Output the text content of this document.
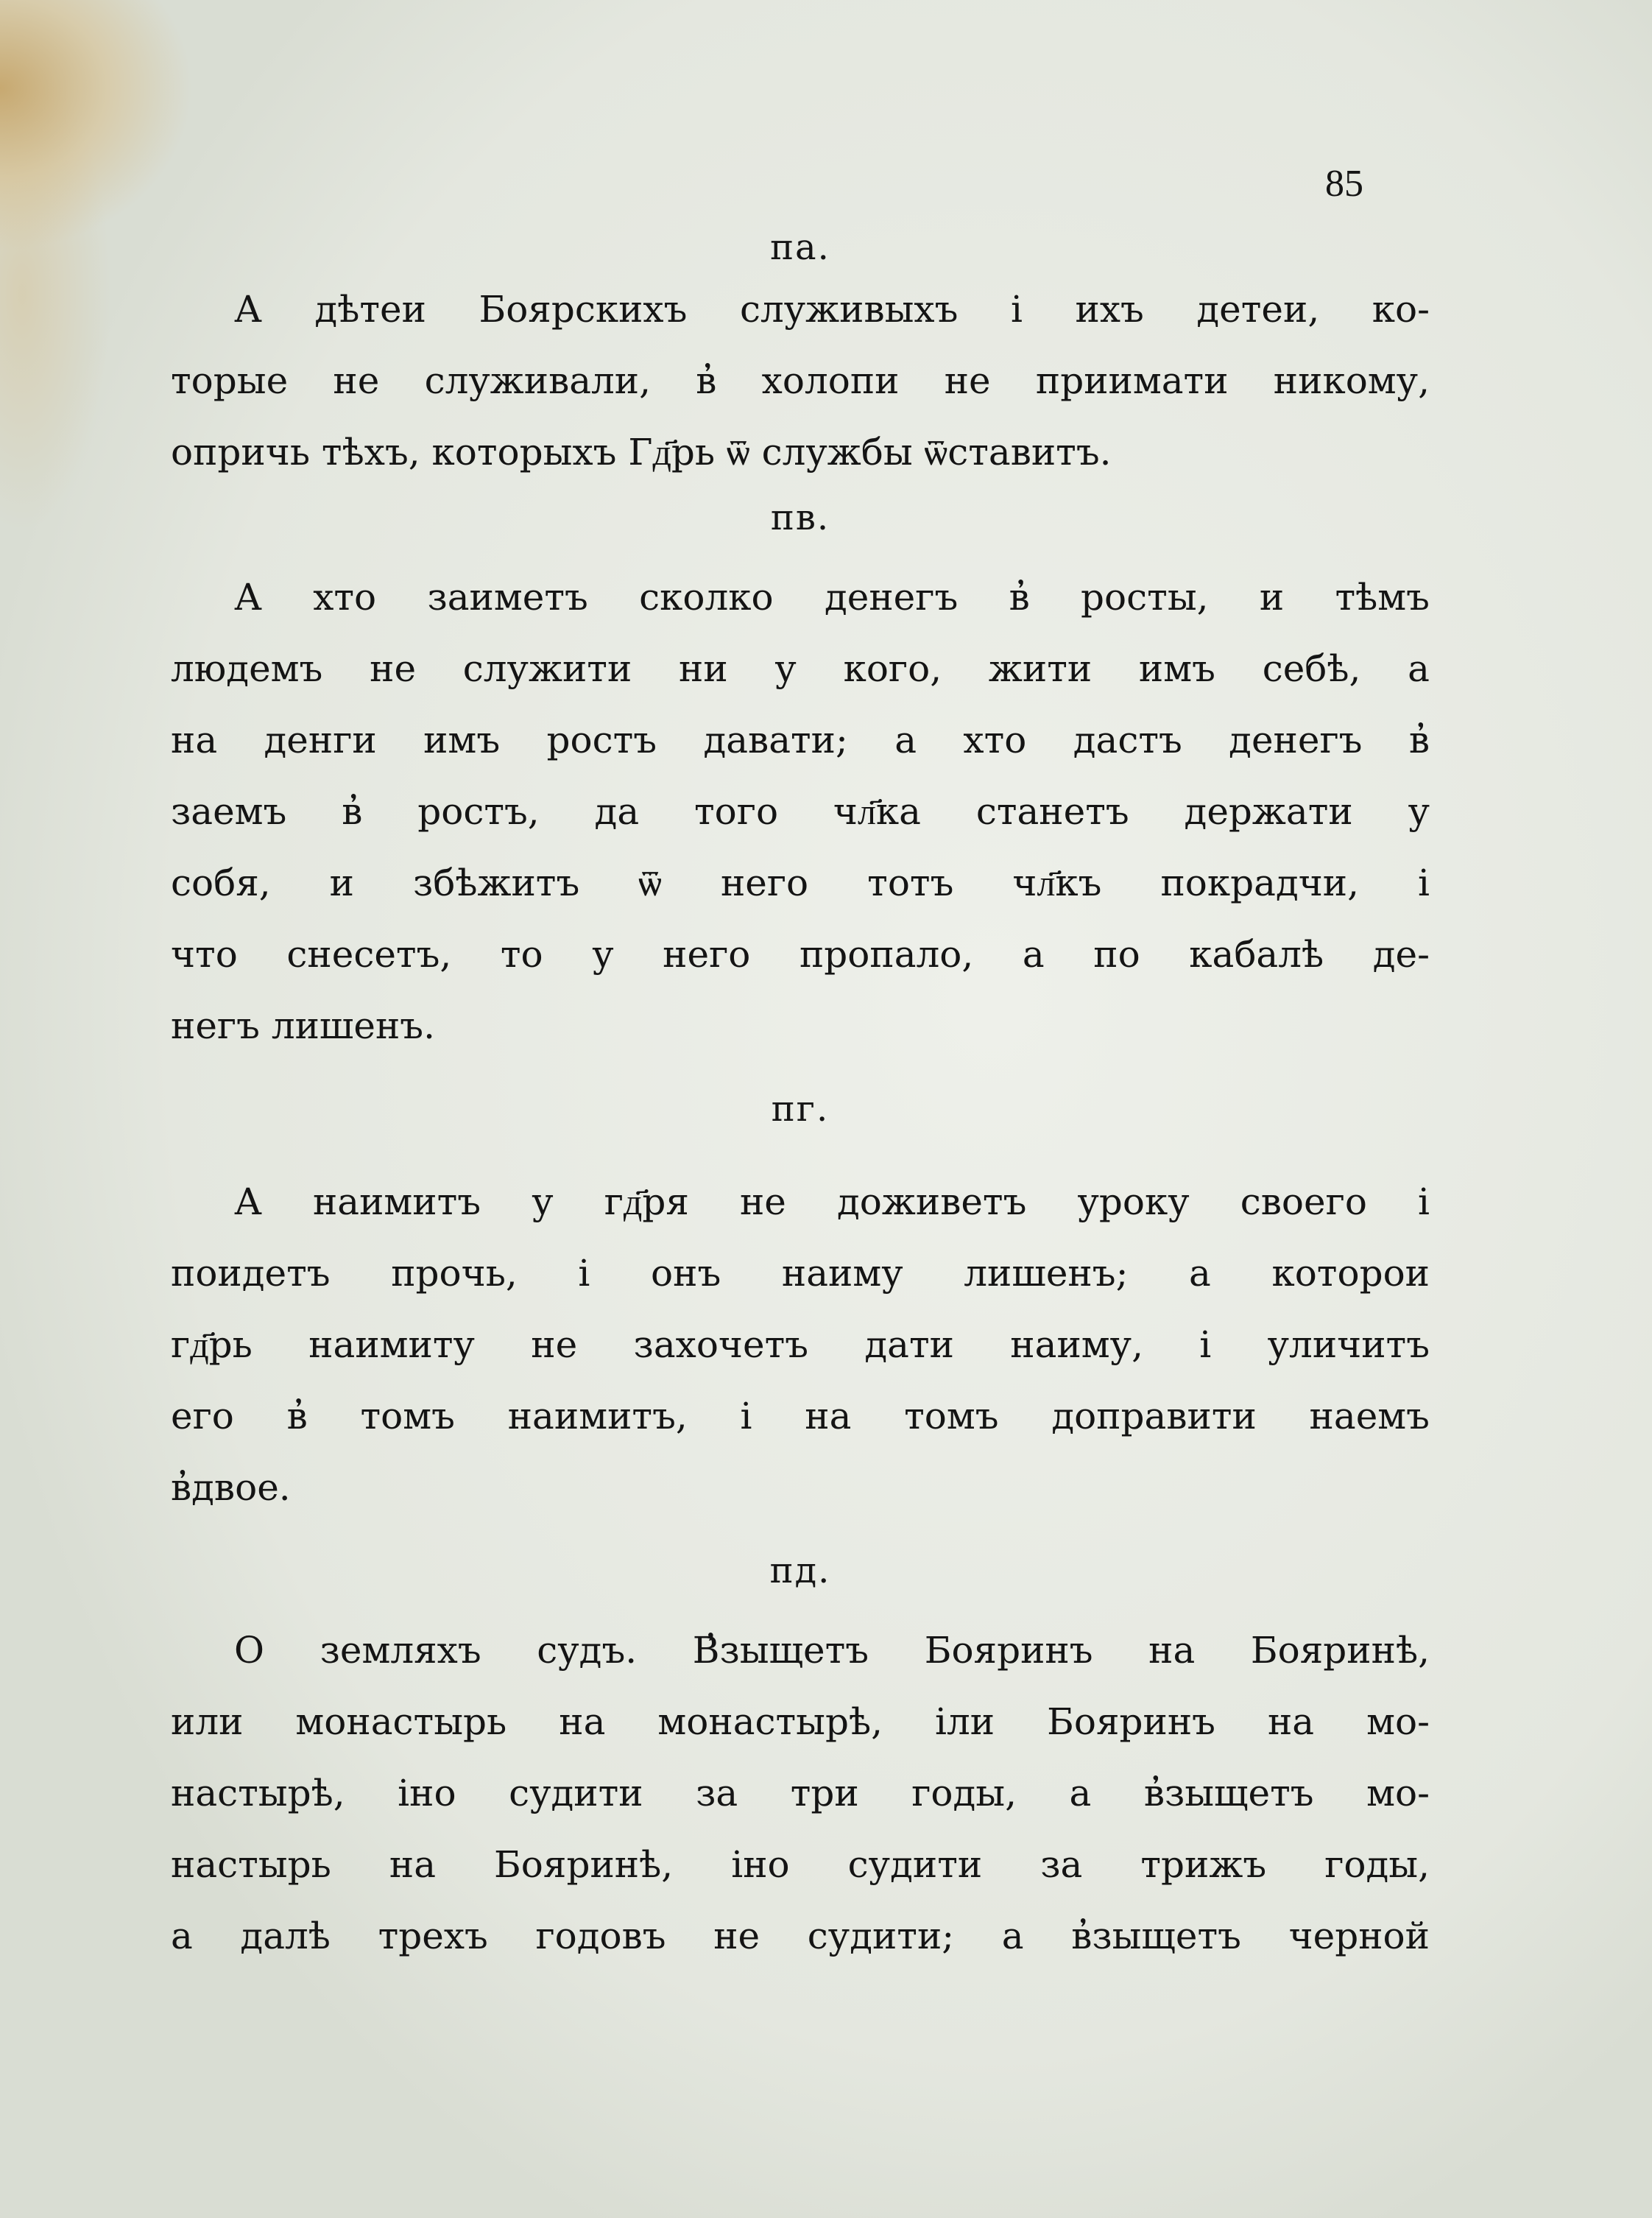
85
па.
А дѣтеи Боярскихъ служивыхъ і ихъ детеи, ко-
торые не служивали, в̓ холопи не приимати никому,
опричь тѣхъ, которыхъ Гд҃рь ѿ службы ѿставитъ.
пв.
А хто заиметъ сколко денегъ в̓ росты, и тѣмъ
людемъ не служити ни у кого, жити имъ себѣ, а
на денги имъ ростъ давати; а хто дастъ денегъ в̓
заемъ в̓ ростъ, да того чл҃ка станетъ держати у
собя, и збѣжитъ ѿ него тотъ чл҃къ покрадчи, і
что снесетъ, то у него пропало, а по кабалѣ де-
негъ лишенъ.
пг.
А наимитъ у гд҃ря не доживетъ уроку своего і
поидетъ прочь, і онъ наиму лишенъ; а которои
гд҃рь наимиту не захочетъ дати наиму, і уличитъ
его в̓ томъ наимитъ, і на томъ доправити наемъ
в̓двое.
пд.
О земляхъ судъ. В̓зыщетъ Бояринъ на Бояринѣ,
или монастырь на монастырѣ, іли Бояринъ на мо-
настырѣ, іно судити за три годы, а в̓зыщетъ мо-
настырь на Бояринѣ, іно судити за трижъ годы,
а далѣ трехъ годовъ не судити; а в̓зыщетъ черной
